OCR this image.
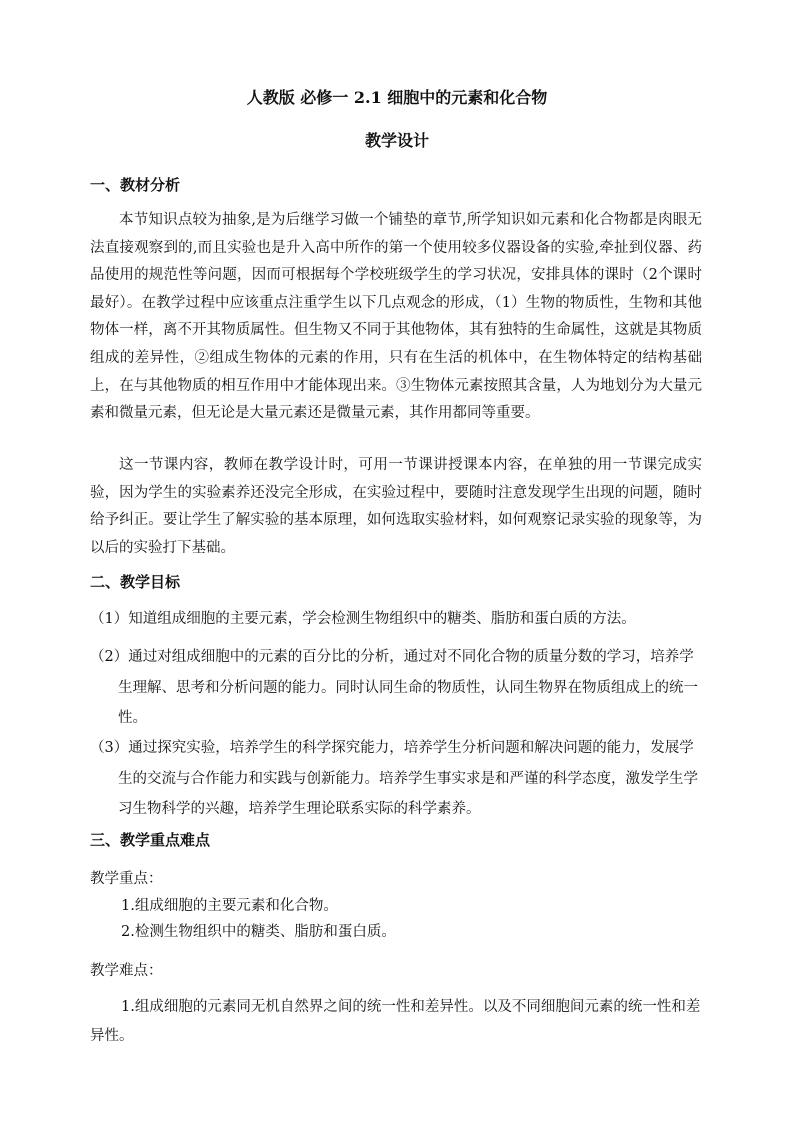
人教版 必修一 2.1 细胞中的元素和化合物
教学设计
一、教材分析

本节知识点较为抽象,是为后继学习做一个铺垫的章节,所学知识如元素和化合物都是肉眼无法直接观察到的,而且实验也是升入高中所作的第一个使用较多仪器设备的实验,牵扯到仪器、药品使用的规范性等问题，因而可根据每个学校班级学生的学习状况，安排具体的课时（2个课时最好）。在教学过程中应该重点注重学生以下几点观念的形成，（1）生物的物质性，生物和其他物体一样，离不开其物质属性。但生物又不同于其他物体，其有独特的生命属性，这就是其物质组成的差异性，②组成生物体的元素的作用，只有在生活的机体中，在生物体特定的结构基础上，在与其他物质的相互作用中才能体现出来。③生物体元素按照其含量，人为地划分为大量元素和微量元素，但无论是大量元素还是微量元素，其作用都同等重要。

这一节课内容，教师在教学设计时，可用一节课讲授课本内容，在单独的用一节课完成实验，因为学生的实验素养还没完全形成，在实验过程中，要随时注意发现学生出现的问题，随时给予纠正。要让学生了解实验的基本原理，如何选取实验材料，如何观察记录实验的现象等，为以后的实验打下基础。

二、教学目标

（1）知道组成细胞的主要元素，学会检测生物组织中的糖类、脂肪和蛋白质的方法。

（2）通过对组成细胞中的元素的百分比的分析，通过对不同化合物的质量分数的学习，培养学生理解、思考和分析问题的能力。同时认同生命的物质性，认同生物界在物质组成上的统一性。

（3）通过探究实验，培养学生的科学探究能力，培养学生分析问题和解决问题的能力，发展学生的交流与合作能力和实践与创新能力。培养学生事实求是和严谨的科学态度，激发学生学习生物科学的兴趣，培养学生理论联系实际的科学素养。

三、教学重点难点

教学重点：

1.组成细胞的主要元素和化合物。

2.检测生物组织中的糖类、脂肪和蛋白质。

教学难点：

1.组成细胞的元素同无机自然界之间的统一性和差异性。以及不同细胞间元素的统一性和差异性。
